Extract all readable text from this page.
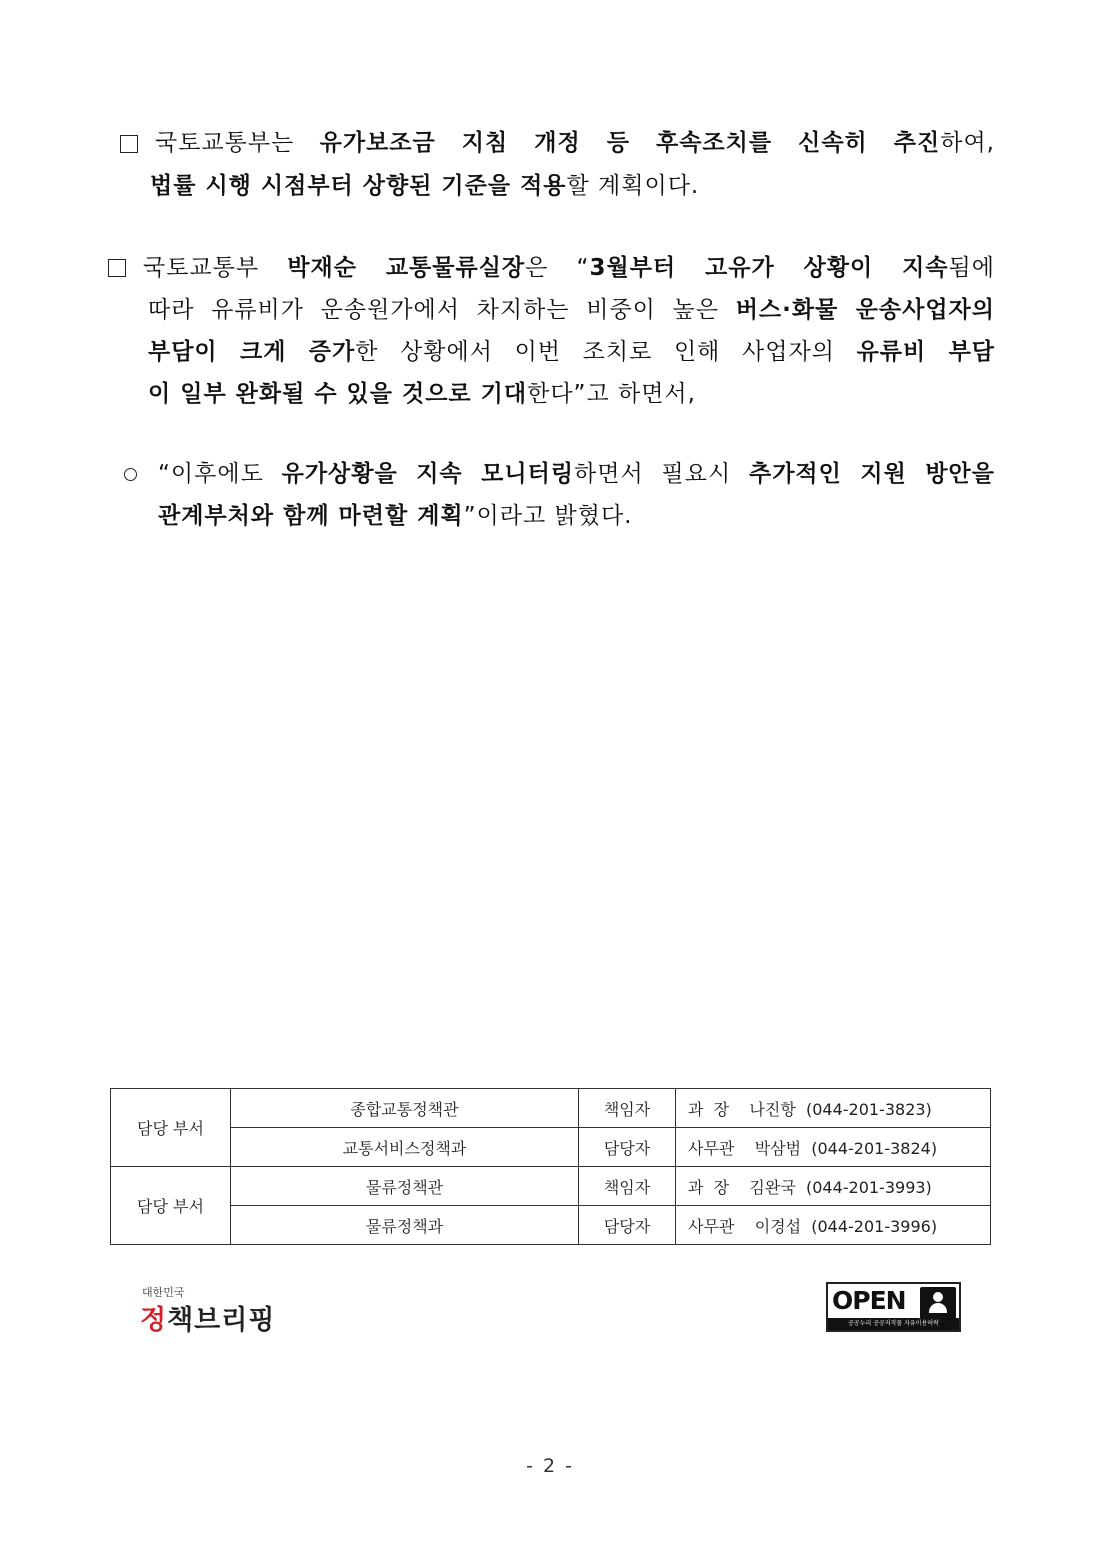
국토교통부는 유가보조금 지침 개정 등 후속조치를 신속히 추진하여,
법률 시행 시점부터 상향된 기준을 적용할 계획이다.
국토교통부 박재순 교통물류실장은 “3월부터 고유가 상황이 지속됨에
따라 유류비가 운송원가에서 차지하는 비중이 높은 버스·화물 운송사업자의
부담이 크게 증가한 상황에서 이번 조치로 인해 사업자의 유류비 부담
이 일부 완화될 수 있을 것으로 기대한다”고 하면서,
“이후에도 유가상황을 지속 모니터링하면서 필요시 추가적인 지원 방안을
관계부처와 함께 마련할 계획”이라고 밝혔다.
담당 부서	종합교통정책관	책임자	과  장    나진항  (044-201-3823)
	교통서비스정책과	담당자	사무관    박삼범  (044-201-3824)
담당 부서	물류정책관	책임자	과  장    김완국  (044-201-3993)
	물류정책과	담당자	사무관    이경섭  (044-201-3996)
대한민국
정책브리핑
OPEN
공공누리 공공저작물 자유이용허락
- 2 -
